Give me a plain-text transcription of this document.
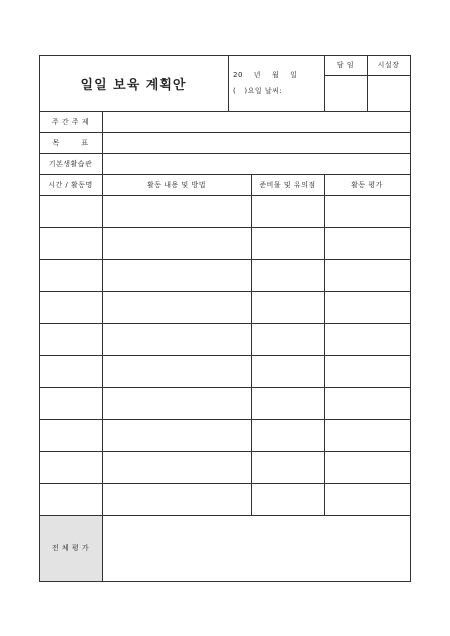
일일 보육 계획안
20    년    월    일
(   )요일 날씨:
담 임	시설장
주 간 주 제
목        표
기본생활습관
시간 / 활동명	활동 내용 및 방법	준비물 및 유의점	활동 평가
전 체 평 가
